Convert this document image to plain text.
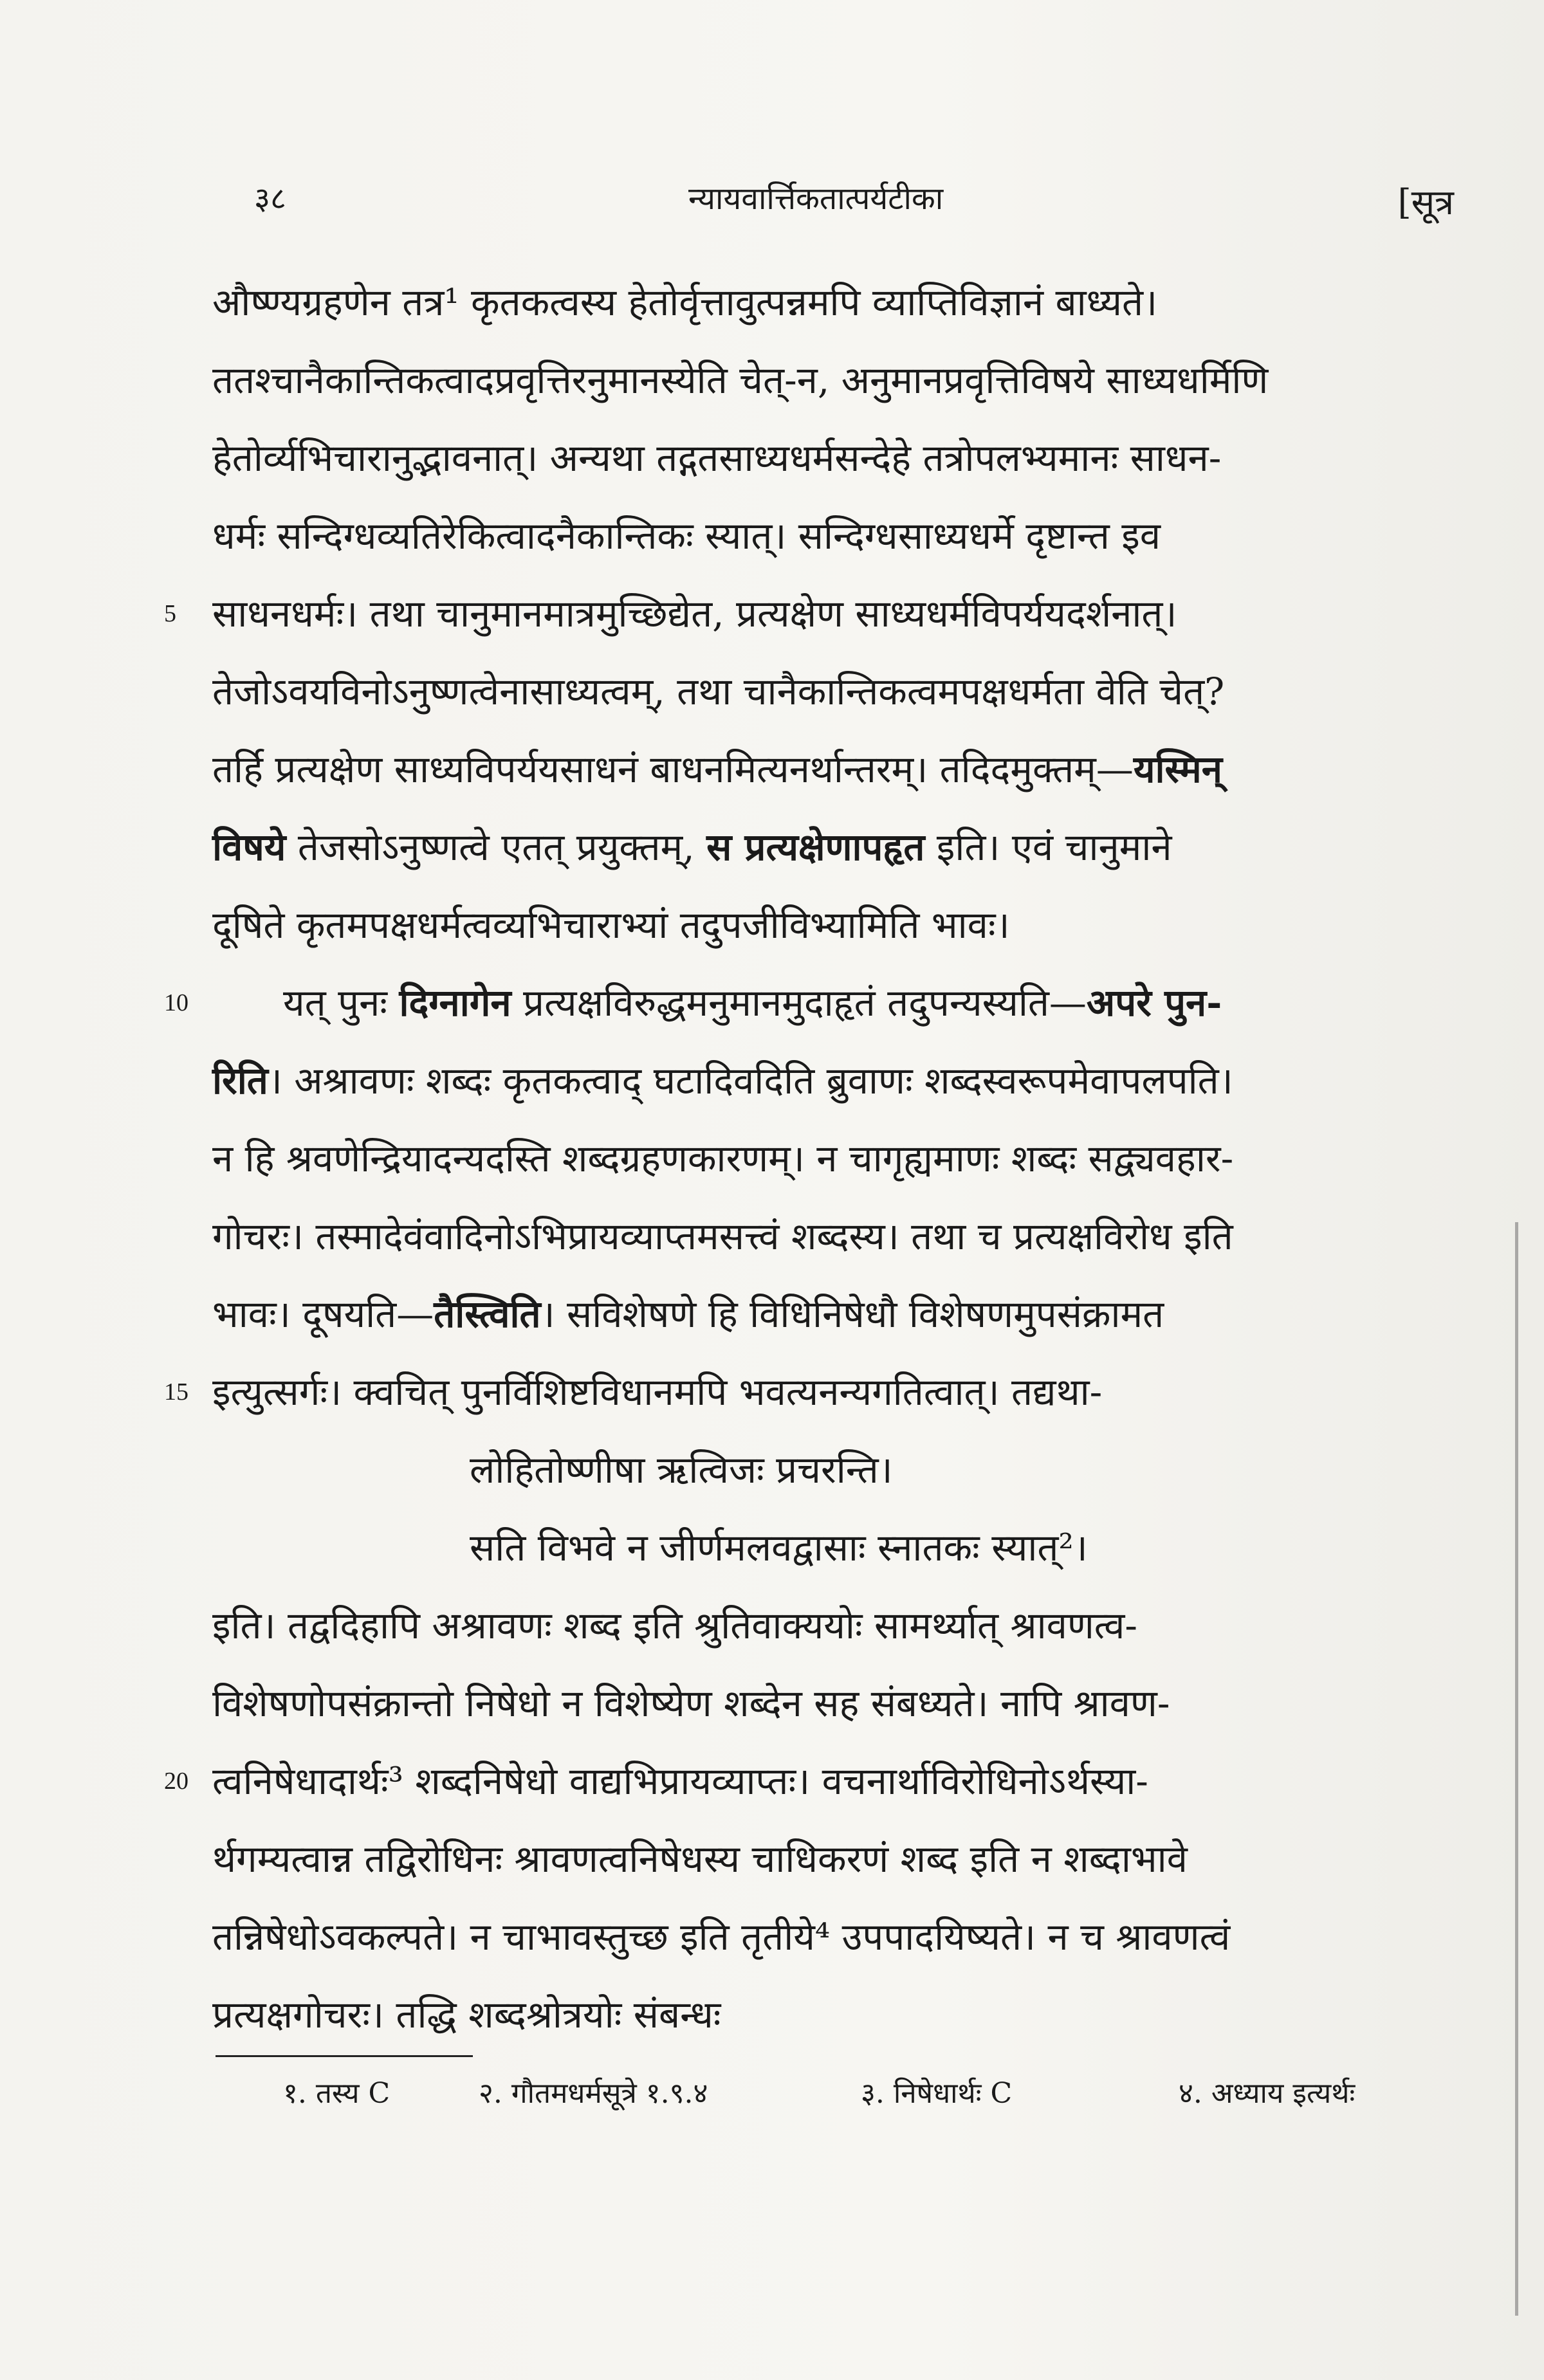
३८	न्यायवार्त्तिकतात्पर्यटीका	[सूत्र
औष्ण्यग्रहणेन तत्र¹ कृतकत्वस्य हेतोर्वृत्तावुत्पन्नमपि व्याप्तिविज्ञानं बाध्यते।
ततश्चानैकान्तिकत्वादप्रवृत्तिरनुमानस्येति चेत्-न, अनुमानप्रवृत्तिविषये साध्यधर्मिणि
हेतोर्व्यभिचारानुद्भावनात्। अन्यथा तद्गतसाध्यधर्मसन्देहे तत्रोपलभ्यमानः साधन-
धर्मः सन्दिग्धव्यतिरेकित्वादनैकान्तिकः स्यात्। सन्दिग्धसाध्यधर्मे दृष्टान्त इव
5 साधनधर्मः। तथा चानुमानमात्रमुच्छिद्येत, प्रत्यक्षेण साध्यधर्मविपर्ययदर्शनात्।
तेजोऽवयविनोऽनुष्णत्वेनासाध्यत्वम्, तथा चानैकान्तिकत्वमपक्षधर्मता वेति चेत्?
तर्हि प्रत्यक्षेण साध्यविपर्ययसाधनं बाधनमित्यनर्थान्तरम्। तदिदमुक्तम्—यस्मिन्
विषये तेजसोऽनुष्णत्वे एतत् प्रयुक्तम्, स प्रत्यक्षेणापहृत इति। एवं चानुमाने
दूषिते कृतमपक्षधर्मत्वव्यभिचाराभ्यां तदुपजीविभ्यामिति भावः।
10	यत् पुनः दिग्नागेन प्रत्यक्षविरुद्धमनुमानमुदाहृतं तदुपन्यस्यति—अपरे पुन-
रिति। अश्रावणः शब्दः कृतकत्वाद् घटादिवदिति ब्रुवाणः शब्दस्वरूपमेवापलपति।
न हि श्रवणेन्द्रियादन्यदस्ति शब्दग्रहणकारणम्। न चागृह्यमाणः शब्दः सद्व्यवहार-
गोचरः। तस्मादेवंवादिनोऽभिप्रायव्याप्तमसत्त्वं शब्दस्य। तथा च प्रत्यक्षविरोध इति
भावः। दूषयति—तैस्त्विति। सविशेषणे हि विधिनिषेधौ विशेषणमुपसंक्रामत
15 इत्युत्सर्गः। क्वचित् पुनर्विशिष्टविधानमपि भवत्यनन्यगतित्वात्। तद्यथा-
लोहितोष्णीषा ऋत्विजः प्रचरन्ति।
सति विभवे न जीर्णमलवद्वासाः स्नातकः स्यात्²।
इति। तद्वदिहापि अश्रावणः शब्द इति श्रुतिवाक्ययोः सामर्थ्यात् श्रावणत्व-
विशेषणोपसंक्रान्तो निषेधो न विशेष्येण शब्देन सह संबध्यते। नापि श्रावण-
20 त्वनिषेधादार्थः³ शब्दनिषेधो वाद्यभिप्रायव्याप्तः। वचनार्थाविरोधिनोऽर्थस्या-
र्थगम्यत्वान्न तद्विरोधिनः श्रावणत्वनिषेधस्य चाधिकरणं शब्द इति न शब्दाभावे
तन्निषेधोऽवकल्पते। न चाभावस्तुच्छ इति तृतीये⁴ उपपादयिष्यते। न च श्रावणत्वं
प्रत्यक्षगोचरः। तद्धि शब्दश्रोत्रयोः संबन्धः
१. तस्य C	२. गौतमधर्मसूत्रे १.९.४	३. निषेधार्थः C	४. अध्याय इत्यर्थः
